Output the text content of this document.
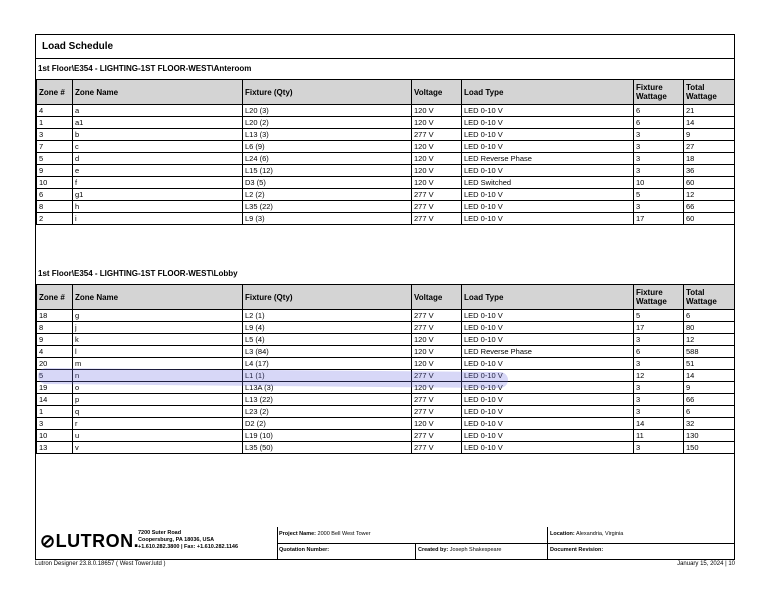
Load Schedule
1st Floor\E354 - LIGHTING-1ST FLOOR-WEST\Anteroom
Zone #	Zone Name	Fixture (Qty)	Voltage	Load Type	Fixture Wattage	Total Wattage
4	a	L20 (3)	120 V	LED 0-10 V	6	21
1	a1	L20 (2)	120 V	LED 0-10 V	6	14
3	b	L13 (3)	277 V	LED 0-10 V	3	9
7	c	L6 (9)	120 V	LED 0-10 V	3	27
5	d	L24 (6)	120 V	LED Reverse Phase	3	18
9	e	L15 (12)	120 V	LED 0-10 V	3	36
10	f	D3 (5)	120 V	LED Switched	10	60
6	g1	L2 (2)	277 V	LED 0-10 V	5	12
8	h	L35 (22)	277 V	LED 0-10 V	3	66
2	i	L9 (3)	277 V	LED 0-10 V	17	60
1st Floor\E354 - LIGHTING-1ST FLOOR-WEST\Lobby
Zone #	Zone Name	Fixture (Qty)	Voltage	Load Type	Fixture Wattage	Total Wattage
18	g	L2 (1)	277 V	LED 0-10 V	5	6
8	j	L9 (4)	277 V	LED 0-10 V	17	80
9	k	L5 (4)	120 V	LED 0-10 V	3	12
4	l	L3 (84)	120 V	LED Reverse Phase	6	588
20	m	L4 (17)	120 V	LED 0-10 V	3	51
5	n	L1 (1)	277 V	LED 0-10 V	12	14
19	o	L13A (3)	120 V	LED 0-10 V	3	9
14	p	L13 (22)	277 V	LED 0-10 V	3	66
1	q	L23 (2)	277 V	LED 0-10 V	3	6
3	r	D2 (2)	120 V	LED 0-10 V	14	32
10	u	L19 (10)	277 V	LED 0-10 V	11	130
13	v	L35 (50)	277 V	LED 0-10 V	3	150
⊘LUTRON.
7200 Suter Road
Coopersburg, PA 18036, USA
+1.610.282.3800 | Fax: +1.610.282.1146
Project Name: 2000 Bell West Tower	Location: Alexandria, Virginia
Quotation Number:	Created by: Joseph Shakespeare	Document Revision:
Lutron Designer 23.8.0.18657 ( West Tower.lutd )	January 15, 2024 | 10
